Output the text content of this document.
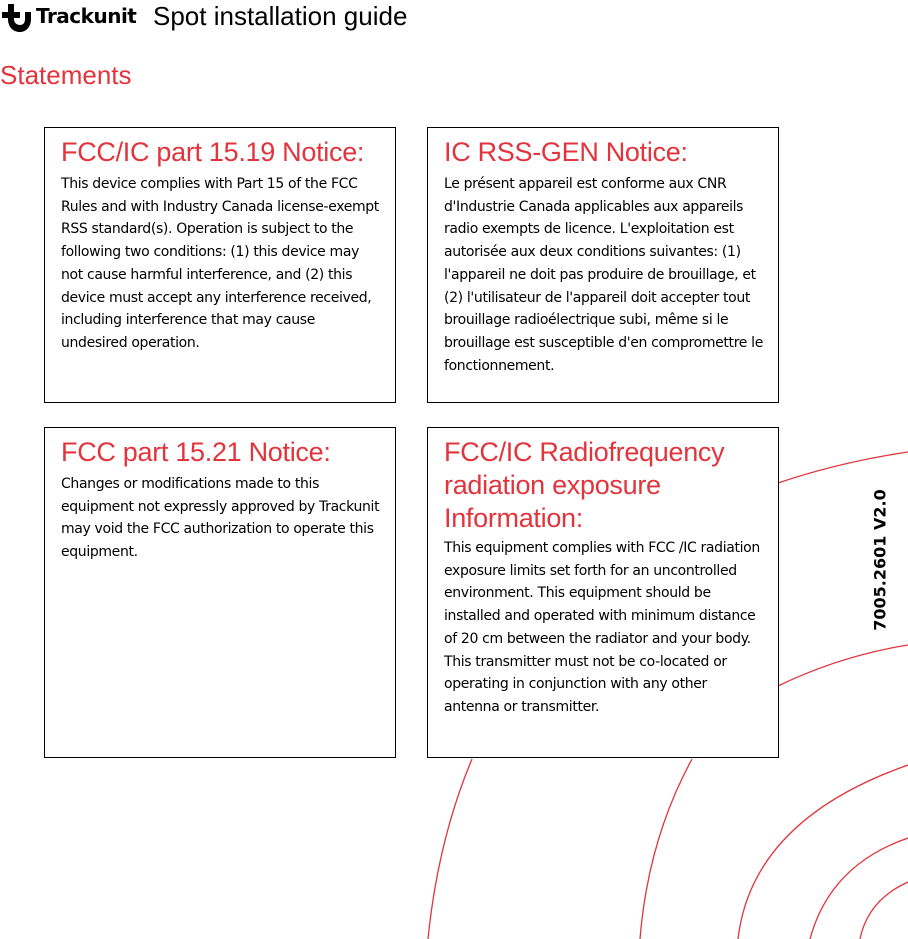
Trackunit Spot installation guide
Statements
FCC/IC part 15.19 Notice:

This device complies with Part 15 of the FCC Rules and with Industry Canada license-exempt RSS standard(s). Operation is subject to the following two conditions: (1) this device may not cause harmful interference, and (2) this device must accept any interference received, including interference that may cause undesired operation.

IC RSS-GEN Notice:

Le présent appareil est conforme aux CNR d'Industrie Canada applicables aux appareils radio exempts de licence. L'exploitation est autorisée aux deux conditions suivantes: (1) l'appareil ne doit pas produire de brouillage, et (2) l'utilisateur de l'appareil doit accepter tout brouillage radioélectrique subi, même si le brouillage est susceptible d'en compromettre le fonctionnement.

FCC part 15.21 Notice:

Changes or modifications made to this equipment not expressly approved by Trackunit may void the FCC authorization to operate this equipment.

FCC/IC Radiofrequency radiation exposure Information:

This equipment complies with FCC /IC radiation exposure limits set forth for an uncontrolled environment. This equipment should be installed and operated with minimum distance of 20 cm between the radiator and your body. This transmitter must not be co-located or operating in conjunction with any other antenna or transmitter.

7005.2601 V2.0
